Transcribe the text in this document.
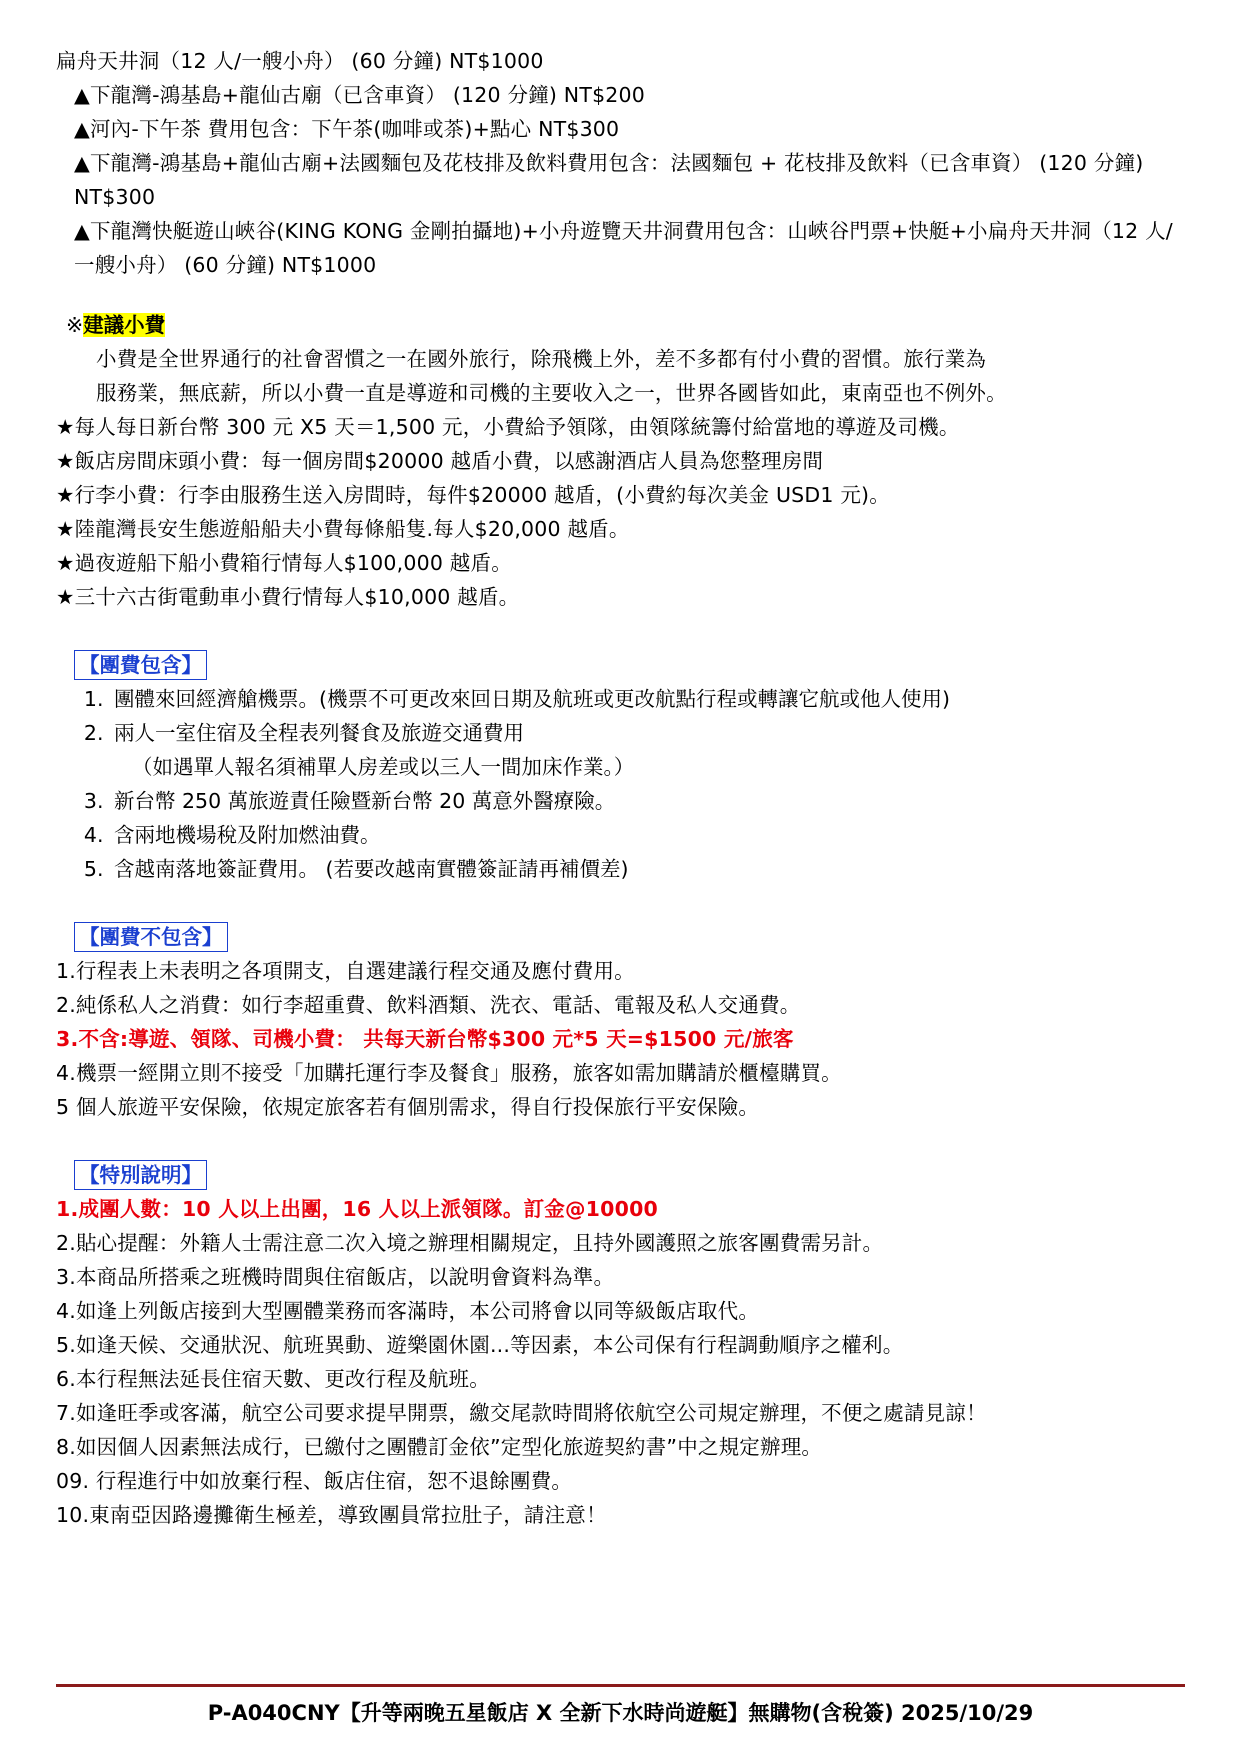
扁舟天井洞（12 人/一艘小舟） (60 分鐘) NT$1000
▲下龍灣-鴻基島+龍仙古廟（已含車資） (120 分鐘) NT$200
▲河內-下午茶 費用包含：下午茶(咖啡或茶)+點心 NT$300
▲下龍灣-鴻基島+龍仙古廟+法國麵包及花枝排及飲料費用包含：法國麵包 + 花枝排及飲料（已含車資） (120 分鐘) NT$300
▲下龍灣快艇遊山峽谷(KING KONG 金剛拍攝地)+小舟遊覽天井洞費用包含：山峽谷門票+快艇+小扁舟天井洞（12 人/一艘小舟） (60 分鐘) NT$1000
※建議小費
小費是全世界通行的社會習慣之一在國外旅行，除飛機上外，差不多都有付小費的習慣。旅行業為
服務業，無底薪，所以小費一直是導遊和司機的主要收入之一，世界各國皆如此，東南亞也不例外。
★每人每日新台幣 300 元 X5 天＝1,500 元，小費給予領隊，由領隊統籌付給當地的導遊及司機。
★飯店房間床頭小費：每一個房間$20000 越盾小費，以感謝酒店人員為您整理房間
★行李小費：行李由服務生送入房間時，每件$20000 越盾，(小費約每次美金 USD1 元)。
★陸龍灣長安生態遊船船夫小費每條船隻.每人$20,000 越盾。
★過夜遊船下船小費箱行情每人$100,000 越盾。
★三十六古街電動車小費行情每人$10,000 越盾。
【團費包含】
1. 團體來回經濟艙機票。(機票不可更改來回日期及航班或更改航點行程或轉讓它航或他人使用)
2. 兩人一室住宿及全程表列餐食及旅遊交通費用
（如遇單人報名須補單人房差或以三人一間加床作業。）
3. 新台幣 250 萬旅遊責任險暨新台幣 20 萬意外醫療險。
4. 含兩地機場稅及附加燃油費。
5. 含越南落地簽証費用。 (若要改越南實體簽証請再補價差)
【團費不包含】
1.行程表上未表明之各項開支，自選建議行程交通及應付費用。
2.純係私人之消費：如行李超重費、飲料酒類、洗衣、電話、電報及私人交通費。
3.不含:導遊、領隊、司機小費： 共每天新台幣$300 元*5 天=$1500 元/旅客
4.機票一經開立則不接受「加購托運行李及餐食」服務，旅客如需加購請於櫃檯購買。
5 個人旅遊平安保險，依規定旅客若有個別需求，得自行投保旅行平安保險。
【特別說明】
1.成團人數：10 人以上出團，16 人以上派領隊。訂金@10000
2.貼心提醒：外籍人士需注意二次入境之辦理相關規定，且持外國護照之旅客團費需另計。
3.本商品所搭乘之班機時間與住宿飯店，以說明會資料為準。
4.如逢上列飯店接到大型團體業務而客滿時，本公司將會以同等級飯店取代。
5.如逢天候、交通狀況、航班異動、遊樂園休園...等因素，本公司保有行程調動順序之權利。
6.本行程無法延長住宿天數、更改行程及航班。
7.如逢旺季或客滿，航空公司要求提早開票，繳交尾款時間將依航空公司規定辦理，不便之處請見諒！
8.如因個人因素無法成行，已繳付之團體訂金依”定型化旅遊契約書”中之規定辦理。
09. 行程進行中如放棄行程、飯店住宿，恕不退餘團費。
10.東南亞因路邊攤衛生極差，導致團員常拉肚子，請注意！
P-A040CNY【升等兩晚五星飯店 X 全新下水時尚遊艇】無購物(含稅簽) 2025/10/29
